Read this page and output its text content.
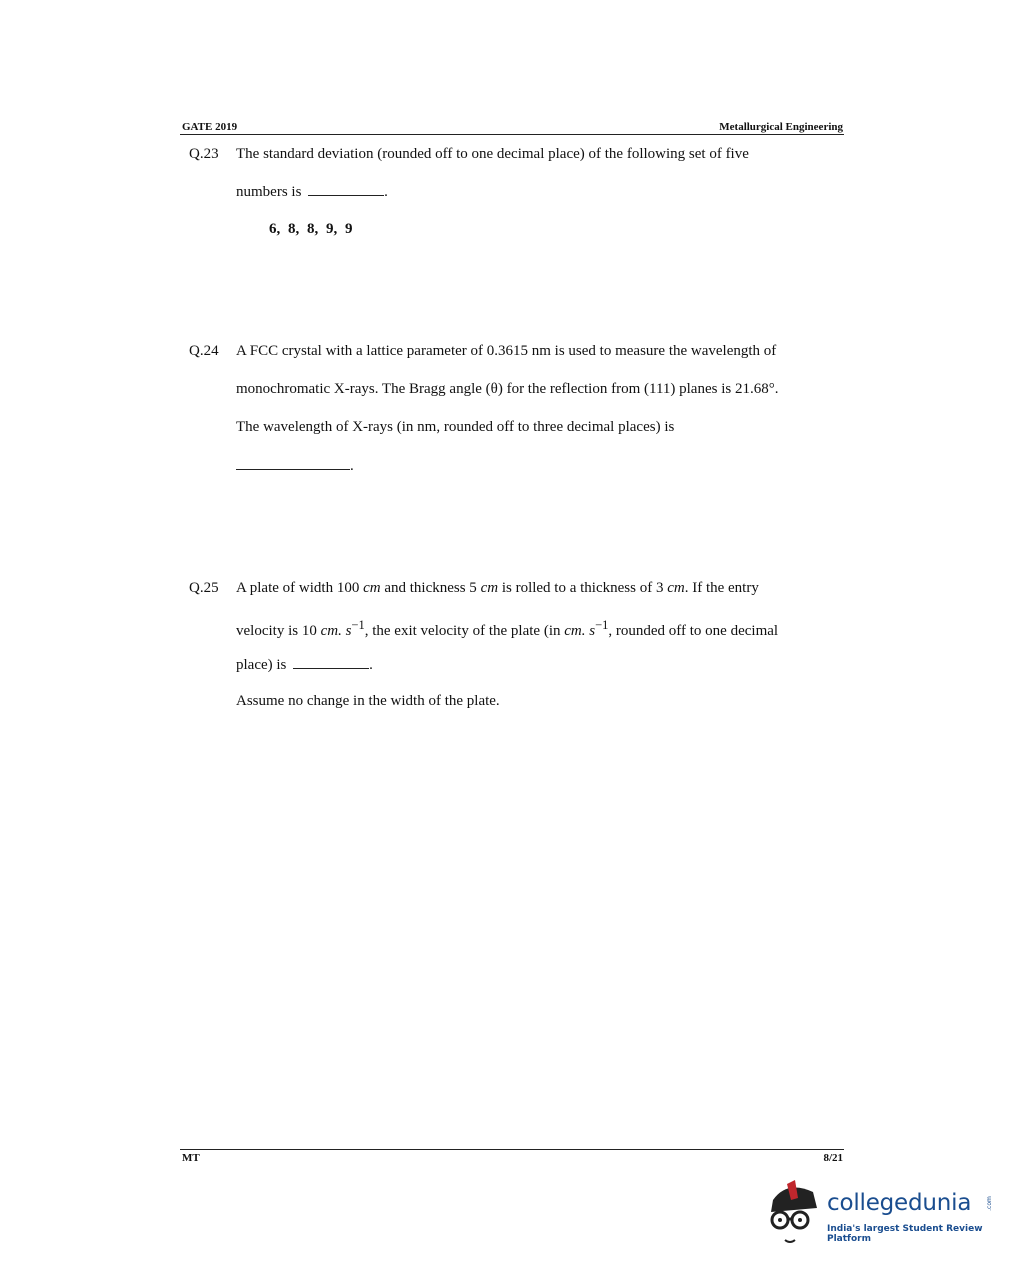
GATE 2019	Metallurgical Engineering
Q.23 The standard deviation (rounded off to one decimal place) of the following set of five
numbers is	.
6, 8, 8, 9, 9
Q.24 A FCC crystal with a lattice parameter of 0.3615 nm is used to measure the wavelength of
monochromatic X-rays. The Bragg angle (θ) for the reflection from (111) planes is 21.68°.
The wavelength of X-rays (in nm, rounded off to three decimal places) is
.
Q.25 A plate of width 100 cm and thickness 5 cm is rolled to a thickness of 3 cm. If the entry
velocity is 10 cm. $s^{-1}$, the exit velocity of the plate (in cm. $s^{-1}$, rounded off to one decimal
place) is	.
Assume no change in the width of the plate.
MT	8/21
collegedunia .com
India's largest Student Review Platform
